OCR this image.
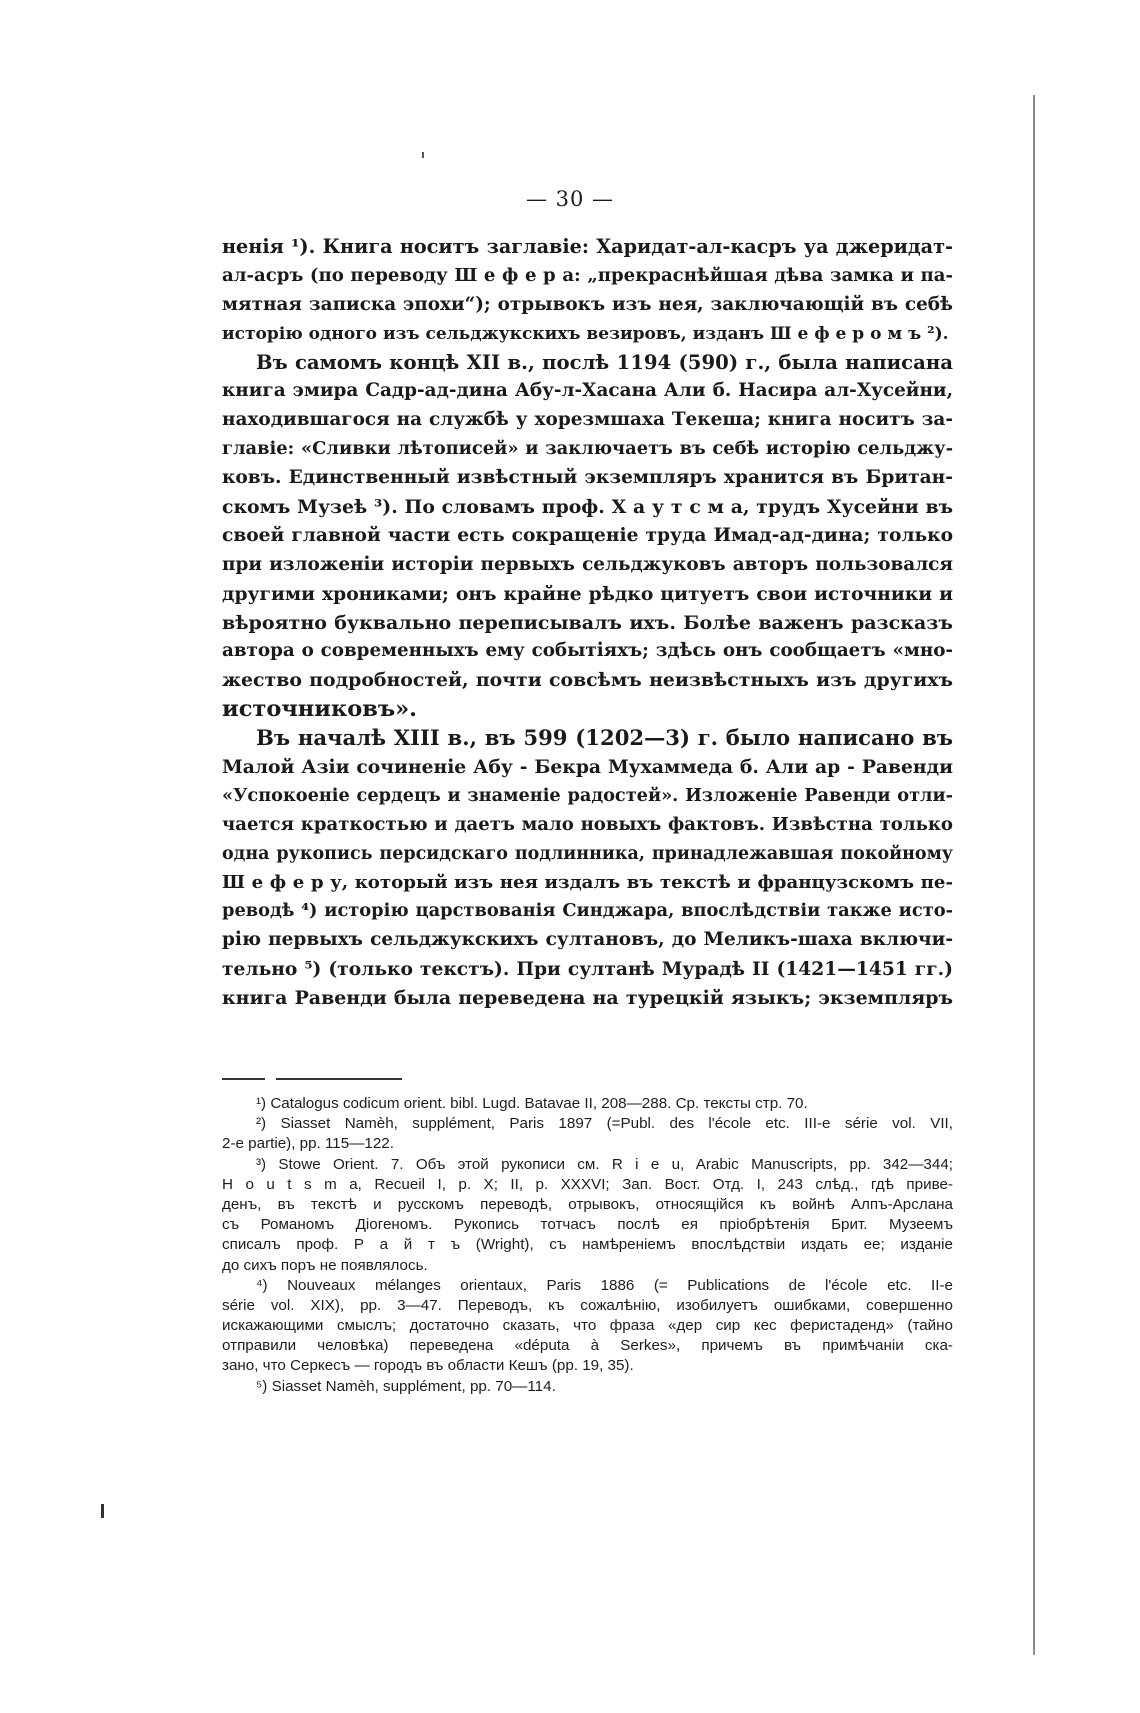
— 30 —
ненія ¹). Книга носитъ заглавіе: Харидат-ал-касръ уа джеридат-
ал-асръ (по переводу Ш е ф е р а: „прекраснѣйшая дѣва замка и па-
мятная записка эпохи“); отрывокъ изъ нея, заключающій въ себѣ
исторію одного изъ сельджукскихъ везировъ, изданъ Ш е ф е р о м ъ ²).
Въ самомъ концѣ XII в., послѣ 1194 (590) г., была написана
книга эмира Садр-ад-дина Абу-л-Хасана Али б. Насира ал-Хусейни,
находившагося на службѣ у хорезмшаха Текеша; книга носитъ за-
главіе: «Сливки лѣтописей» и заключаетъ въ себѣ исторію сельджу-
ковъ. Единственный извѣстный экземпляръ хранится въ Британ-
скомъ Музеѣ ³). По словамъ проф. Х а у т с м а, трудъ Хусейни въ
своей главной части есть сокращеніе труда Имад-ад-дина; только
при изложеніи исторіи первыхъ сельджуковъ авторъ пользовался
другими хрониками; онъ крайне рѣдко цитуетъ свои источники и
вѣроятно буквально переписывалъ ихъ. Болѣе важенъ разсказъ
автора о современныхъ ему событіяхъ; здѣсь онъ сообщаетъ «мно-
жество подробностей, почти совсѣмъ неизвѣстныхъ изъ другихъ
источниковъ».
Въ началѣ XIII в., въ 599 (1202—3) г. было написано въ
Малой Азіи сочиненіе Абу - Бекра Мухаммеда б. Али ар - Равенди
«Успокоеніе сердецъ и знаменіе радостей». Изложеніе Равенди отли-
чается краткостью и даетъ мало новыхъ фактовъ. Извѣстна только
одна рукопись персидскаго подлинника, принадлежавшая покойному
Ш е ф е р у, который изъ нея издалъ въ текстѣ и французскомъ пе-
реводѣ ⁴) исторію царствованія Синджара, впослѣдствіи также исто-
рію первыхъ сельджукскихъ султановъ, до Меликъ-шаха включи-
тельно ⁵) (только текстъ). При султанѣ Мурадѣ II (1421—1451 гг.)
книга Равенди была переведена на турецкій языкъ; экземпляръ
¹) Catalogus codicum orient. bibl. Lugd. Batavae II, 208—288. Ср. тексты стр. 70.
²) Siasset Namèh, supplément, Paris 1897 (=Publ. des l'école etc. III-e série vol. VII,
2-e partie), pp. 115—122.
³) Stowe Orient. 7. Объ этой рукописи см. R i e u, Arabic Manuscripts, pp. 342—344;
H o u t s m a, Recueil I, p. X; II, p. XXXVI; Зап. Вост. Отд. I, 243 слѣд., гдѣ приве-
денъ, въ текстѣ и русскомъ переводѣ, отрывокъ, относящійся къ войнѣ Алпъ-Арслана
съ Романомъ Діогеномъ. Рукопись тотчасъ послѣ ея пріобрѣтенія Брит. Музеемъ
списалъ проф. Р а й т ъ (Wright), съ намѣреніемъ впослѣдствіи издать ее; изданіе
до сихъ поръ не появлялось.
⁴) Nouveaux mélanges orientaux, Paris 1886 (= Publications de l'école etc. II-e
série vol. XIX), pp. 3—47. Переводъ, къ сожалѣнію, изобилуетъ ошибками, совершенно
искажающими смыслъ; достаточно сказать, что фраза «дер сир кес феристаденд» (тайно
отправили человѣка) переведена «députa à Serkes», причемъ въ примѣчаніи ска-
зано, что Серкесъ — городъ въ области Кешъ (pp. 19, 35).
⁵) Siasset Namèh, supplément, pp. 70—114.
